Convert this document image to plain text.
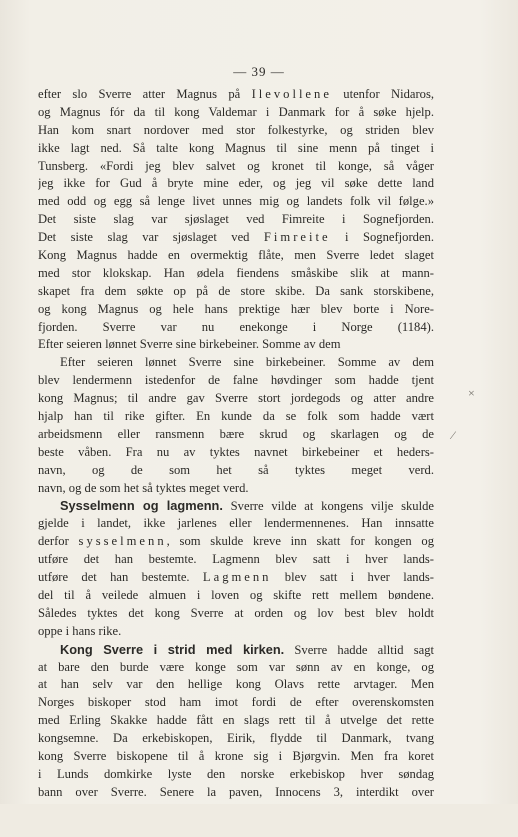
— 39 —
efter slo Sverre atter Magnus på Ilevollene utenfor Nidaros,
og Magnus fór da til kong Valdemar i Danmark for å søke hjelp.
Han kom snart nordover med stor folkestyrke, og striden blev
ikke lagt ned. Så talte kong Magnus til sine menn på tinget i
Tunsberg. «Fordi jeg blev salvet og kronet til konge, så våger
jeg ikke for Gud å bryte mine eder, og jeg vil søke dette land
med odd og egg så lenge livet unnes mig og landets folk vil følge.»
Det siste slag var sjøslaget ved Fimreite i Sognefjorden.
Det siste slag var sjøslaget ved Fimreite i Sognefjorden.
Kong Magnus hadde en overmektig flåte, men Sverre ledet slaget
med stor klokskap. Han ødela fiendens småskibe slik at mann-
skapet fra dem søkte op på de store skibe. Da sank storskibene,
og kong Magnus og hele hans prektige hær blev borte i Nore-
fjorden. Sverre var nu enekonge i Norge (1184).
Efter seieren lønnet Sverre sine birkebeiner. Somme av dem
Efter seieren lønnet Sverre sine birkebeiner. Somme av dem
blev lendermenn istedenfor de falne høvdinger som hadde tjent
kong Magnus; til andre gav Sverre stort jordegods og atter andre
hjalp han til rike gifter. En kunde da se folk som hadde vært
arbeidsmenn eller ransmenn bære skrud og skarlagen og de
beste våben. Fra nu av tyktes navnet birkebeiner et heders-
navn, og de som het så tyktes meget verd.
navn, og de som het så tyktes meget verd.
Sysselmenn og lagmenn. Sverre vilde at kongens vilje skulde
gjelde i landet, ikke jarlenes eller lendermennenes. Han innsatte
derfor sysselmenn, som skulde kreve inn skatt for kongen og
utføre det han bestemte. Lagmenn blev satt i hver lands-
utføre det han bestemte. Lagmenn blev satt i hver lands-
del til å veilede almuen i loven og skifte rett mellem bøndene.
Således tyktes det kong Sverre at orden og lov best blev holdt
oppe i hans rike.
Kong Sverre i strid med kirken. Sverre hadde alltid sagt
at bare den burde være konge som var sønn av en konge, og
at han selv var den hellige kong Olavs rette arvtager. Men
Norges biskoper stod ham imot fordi de efter overenskomsten
med Erling Skakke hadde fått en slags rett til å utvelge det rette
kongsemne. Da erkebiskopen, Eirik, flydde til Danmark, tvang
kong Sverre biskopene til å krone sig i Bjørgvin. Men fra koret
i Lunds domkirke lyste den norske erkebiskop hver søndag
bann over Sverre. Senere la paven, Innocens 3, interdikt over
×
⁄
